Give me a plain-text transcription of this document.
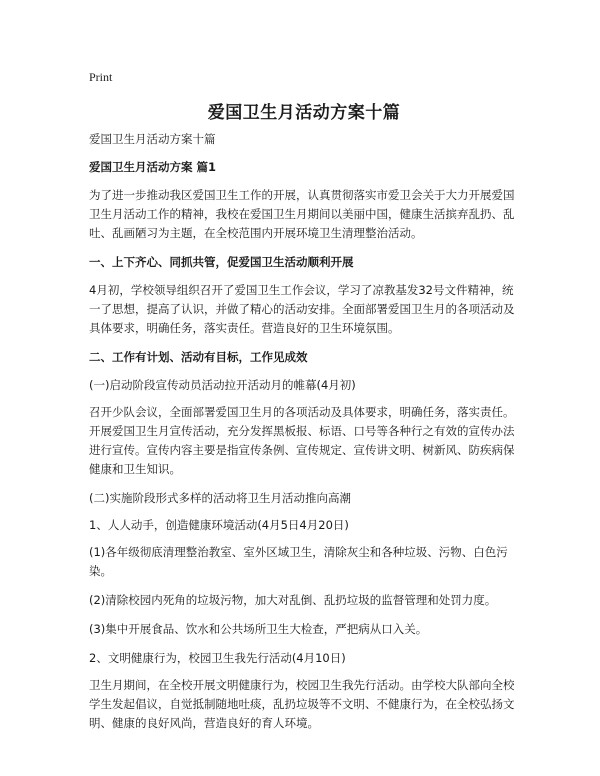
Print
爱国卫生月活动方案十篇

爱国卫生月活动方案十篇

爱国卫生月活动方案 篇1

为了进一步推动我区爱国卫生工作的开展，认真贯彻落实市爱卫会关于大力开展爱国卫生月活动工作的精神，我校在爱国卫生月期间以美丽中国，健康生活摈弃乱扔、乱吐、乱画陋习为主题，在全校范围内开展环境卫生清理整治活动。

一、上下齐心、同抓共管，促爱国卫生活动顺利开展

4月初，学校领导组织召开了爱国卫生工作会议，学习了凉教基发32号文件精神，统一了思想，提高了认识，并做了精心的活动安排。全面部署爱国卫生月的各项活动及具体要求，明确任务，落实责任。营造良好的卫生环境氛围。

二、工作有计划、活动有目标，工作见成效

(一)启动阶段宣传动员活动拉开活动月的帷幕(4月初)

召开少队会议，全面部署爱国卫生月的各项活动及具体要求，明确任务，落实责任。开展爱国卫生月宣传活动，充分发挥黑板报、标语、口号等各种行之有效的宣传办法进行宣传。宣传内容主要是指宣传条例、宣传规定、宣传讲文明、树新风、防疾病保健康和卫生知识。

(二)实施阶段形式多样的活动将卫生月活动推向高潮

1、人人动手，创造健康环境活动(4月5日4月20日)

(1)各年级彻底清理整治教室、室外区域卫生，清除灰尘和各种垃圾、污物、白色污染。

(2)清除校园内死角的垃圾污物，加大对乱倒、乱扔垃圾的监督管理和处罚力度。

(3)集中开展食品、饮水和公共场所卫生大检查，严把病从口入关。

2、文明健康行为，校园卫生我先行活动(4月10日)

卫生月期间，在全校开展文明健康行为，校园卫生我先行活动。由学校大队部向全校学生发起倡议，自觉抵制随地吐痰，乱扔垃圾等不文明、不健康行为，在全校弘扬文明、健康的良好风尚，营造良好的育人环境。
